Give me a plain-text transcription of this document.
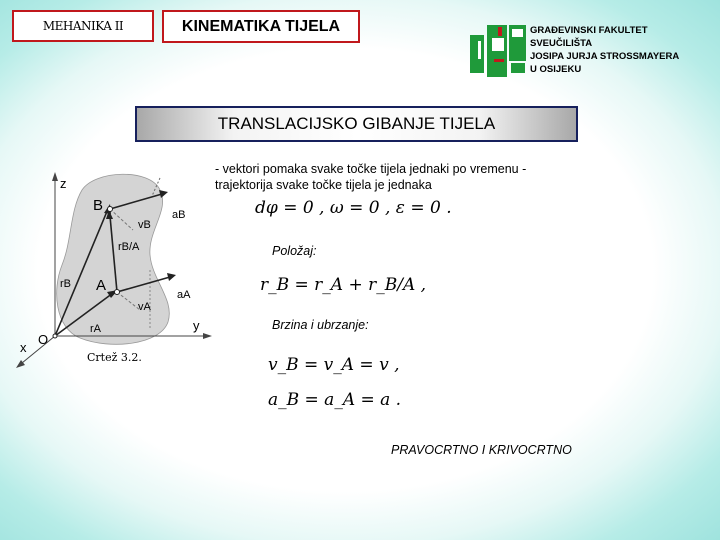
MEHANIKA II	KINEMATIKA TIJELA	GRAĐEVINSKI FAKULTET
SVEUČILIŠTA
JOSIPA JURJA STROSSMAYERA
U OSIJEKU
TRANSLACIJSKO GIBANJE TIJELA
- vektori pomaka svake točke tijela jednaki po vremenu - trajektorija svake točke tijela je jednaka
dφ = 0 , ω = 0 , ε = 0 .
Položaj:
r_B = r_A + r_B/A ,
Brzina i ubrzanje:
v_B = v_A = v ,
a_B = a_A = a .
z
y
x
O
B
A
vB
aB
rB/A
rB
vA
aA
rA
Crtež 3.2.
PRAVOCRTNO I KRIVOCRTNO
